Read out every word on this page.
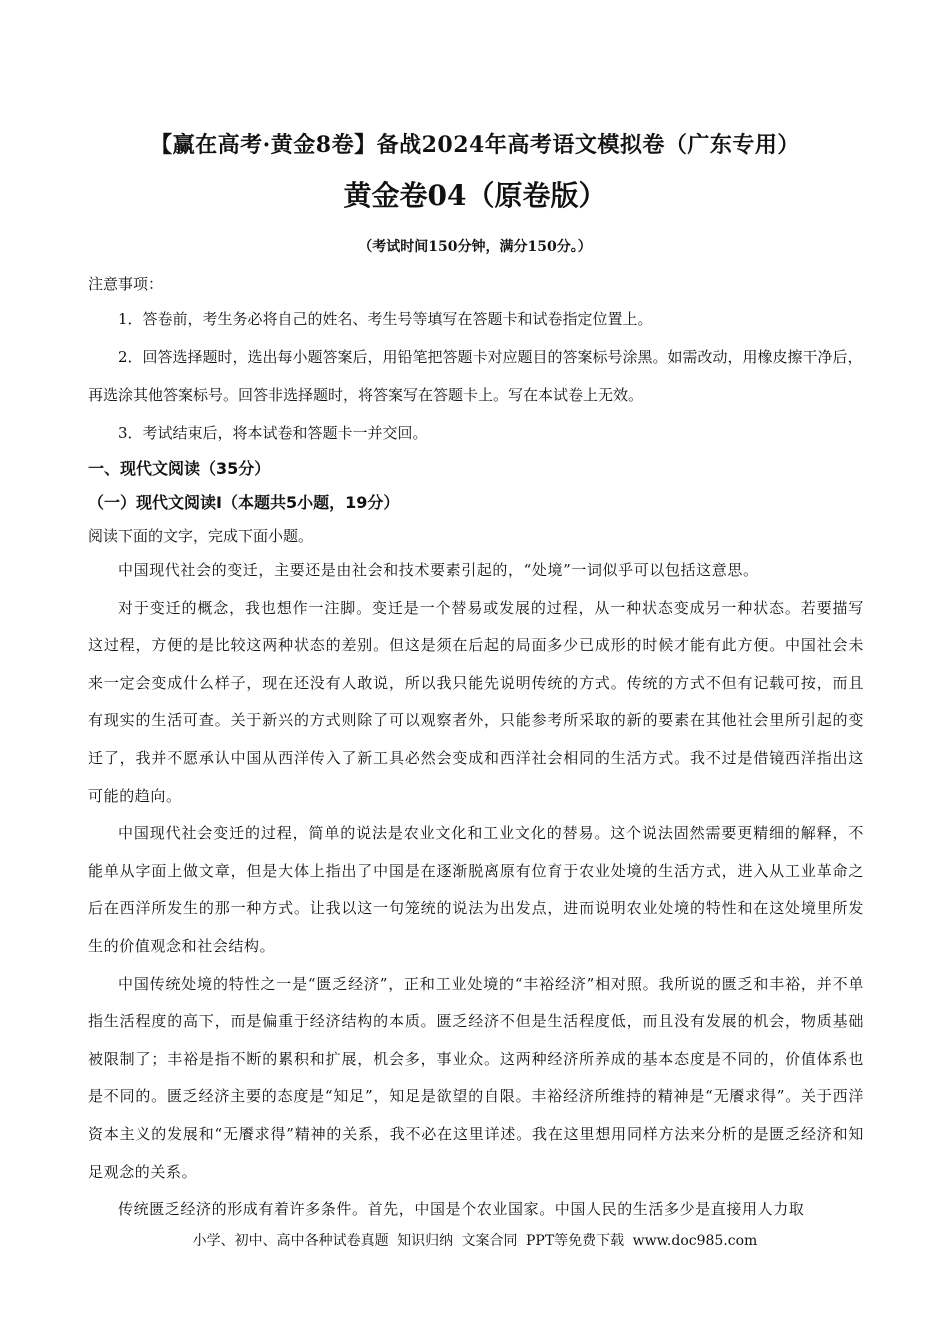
【赢在高考·黄金8卷】备战2024年高考语文模拟卷（广东专用）
黄金卷04（原卷版）
（考试时间150分钟，满分150分。）

注意事项：

1．答卷前，考生务必将自己的姓名、考生号等填写在答题卡和试卷指定位置上。

2．回答选择题时，选出每小题答案后，用铅笔把答题卡对应题目的答案标号涂黑。如需改动，用橡皮擦干净后，再选涂其他答案标号。回答非选择题时，将答案写在答题卡上。写在本试卷上无效。

3．考试结束后，将本试卷和答题卡一并交回。

一、现代文阅读（35分）

（一）现代文阅读Ⅰ（本题共5小题，19分）

阅读下面的文字，完成下面小题。

中国现代社会的变迁，主要还是由社会和技术要素引起的，“处境”一词似乎可以包括这意思。

对于变迁的概念，我也想作一注脚。变迁是一个替易或发展的过程，从一种状态变成另一种状态。若要描写这过程，方便的是比较这两种状态的差别。但这是须在后起的局面多少已成形的时候才能有此方便。中国社会未来一定会变成什么样子，现在还没有人敢说，所以我只能先说明传统的方式。传统的方式不但有记载可按，而且有现实的生活可查。关于新兴的方式则除了可以观察者外，只能参考所采取的新的要素在其他社会里所引起的变迁了，我并不愿承认中国从西洋传入了新工具必然会变成和西洋社会相同的生活方式。我不过是借镜西洋指出这可能的趋向。

中国现代社会变迁的过程，简单的说法是农业文化和工业文化的替易。这个说法固然需要更精细的解释，不能单从字面上做文章，但是大体上指出了中国是在逐渐脱离原有位育于农业处境的生活方式，进入从工业革命之后在西洋所发生的那一种方式。让我以这一句笼统的说法为出发点，进而说明农业处境的特性和在这处境里所发生的价值观念和社会结构。

中国传统处境的特性之一是“匮乏经济”，正和工业处境的“丰裕经济”相对照。我所说的匮乏和丰裕，并不单指生活程度的高下，而是偏重于经济结构的本质。匮乏经济不但是生活程度低，而且没有发展的机会，物质基础被限制了；丰裕是指不断的累积和扩展，机会多，事业众。这两种经济所养成的基本态度是不同的，价值体系也是不同的。匮乏经济主要的态度是“知足”，知足是欲望的自限。丰裕经济所维持的精神是“无餍求得”。关于西洋资本主义的发展和“无餍求得”精神的关系，我不必在这里详述。我在这里想用同样方法来分析的是匮乏经济和知足观念的关系。

传统匮乏经济的形成有着许多条件。首先，中国是个农业国家。中国人民的生活多少是直接用人力取

小学、初中、高中各种试卷真题 知识归纳 文案合同 PPT等免费下载 www.doc985.com
